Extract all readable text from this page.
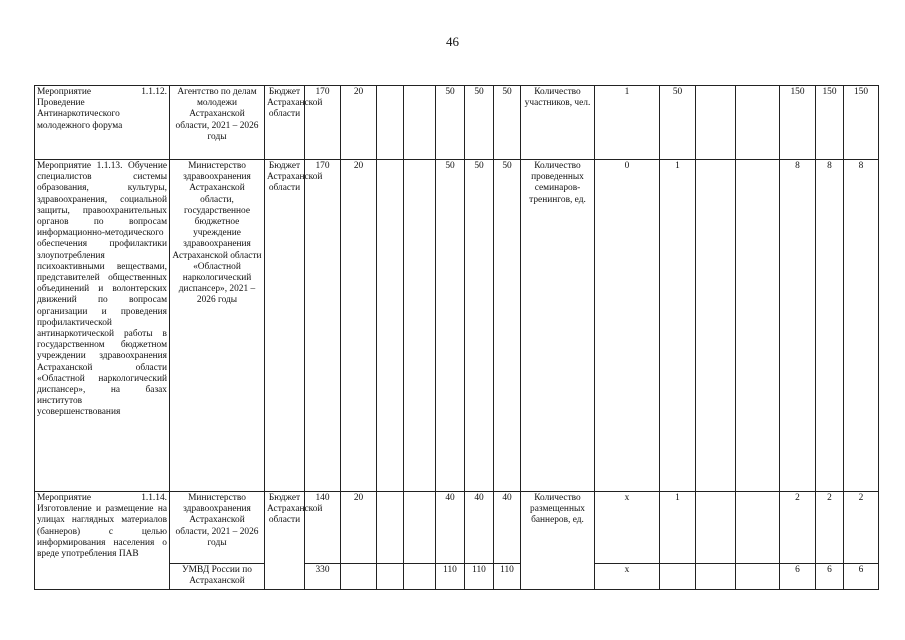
46
Мероприятие 1.1.12. Проведение Антинаркотического молодежного форума	Агентство по делам молодежи Астраханской области, 2021 – 2026 годы	Бюджет Астраханской области	170	20			50	50	50	Количество участников, чел.	1	50			150	150	150
Мероприятие 1.1.13. Обучение специалистов системы образования, культуры, здравоохранения, социальной защиты, правоохранительных органов по вопросам информационно-методического обеспечения профилактики злоупотребления психоактивными веществами, представителей общественных объединений и волонтерских движений по вопросам организации и проведения профилактической антинаркотической работы в государственном бюджетном учреждении здравоохранения Астраханской области «Областной наркологический диспансер», на базах институтов усовершенствования	Министерство здравоохранения Астраханской области, государственное бюджетное учреждение здравоохранения Астраханской области «Областной наркологический диспансер», 2021 – 2026 годы	Бюджет Астраханской области	170	20			50	50	50	Количество проведенных семинаров-тренингов, ед.	0	1			8	8	8
Мероприятие 1.1.14. Изготовление и размещение на улицах наглядных материалов (баннеров) с целью информирования населения о вреде употребления ПАВ	Министерство здравоохранения Астраханской области, 2021 – 2026 годы	Бюджет Астраханской области	140	20			40	40	40	Количество размещенных баннеров, ед.	х	1			2	2	2
	УМВД России по Астраханской		330				110	110	110		х				6	6	6
